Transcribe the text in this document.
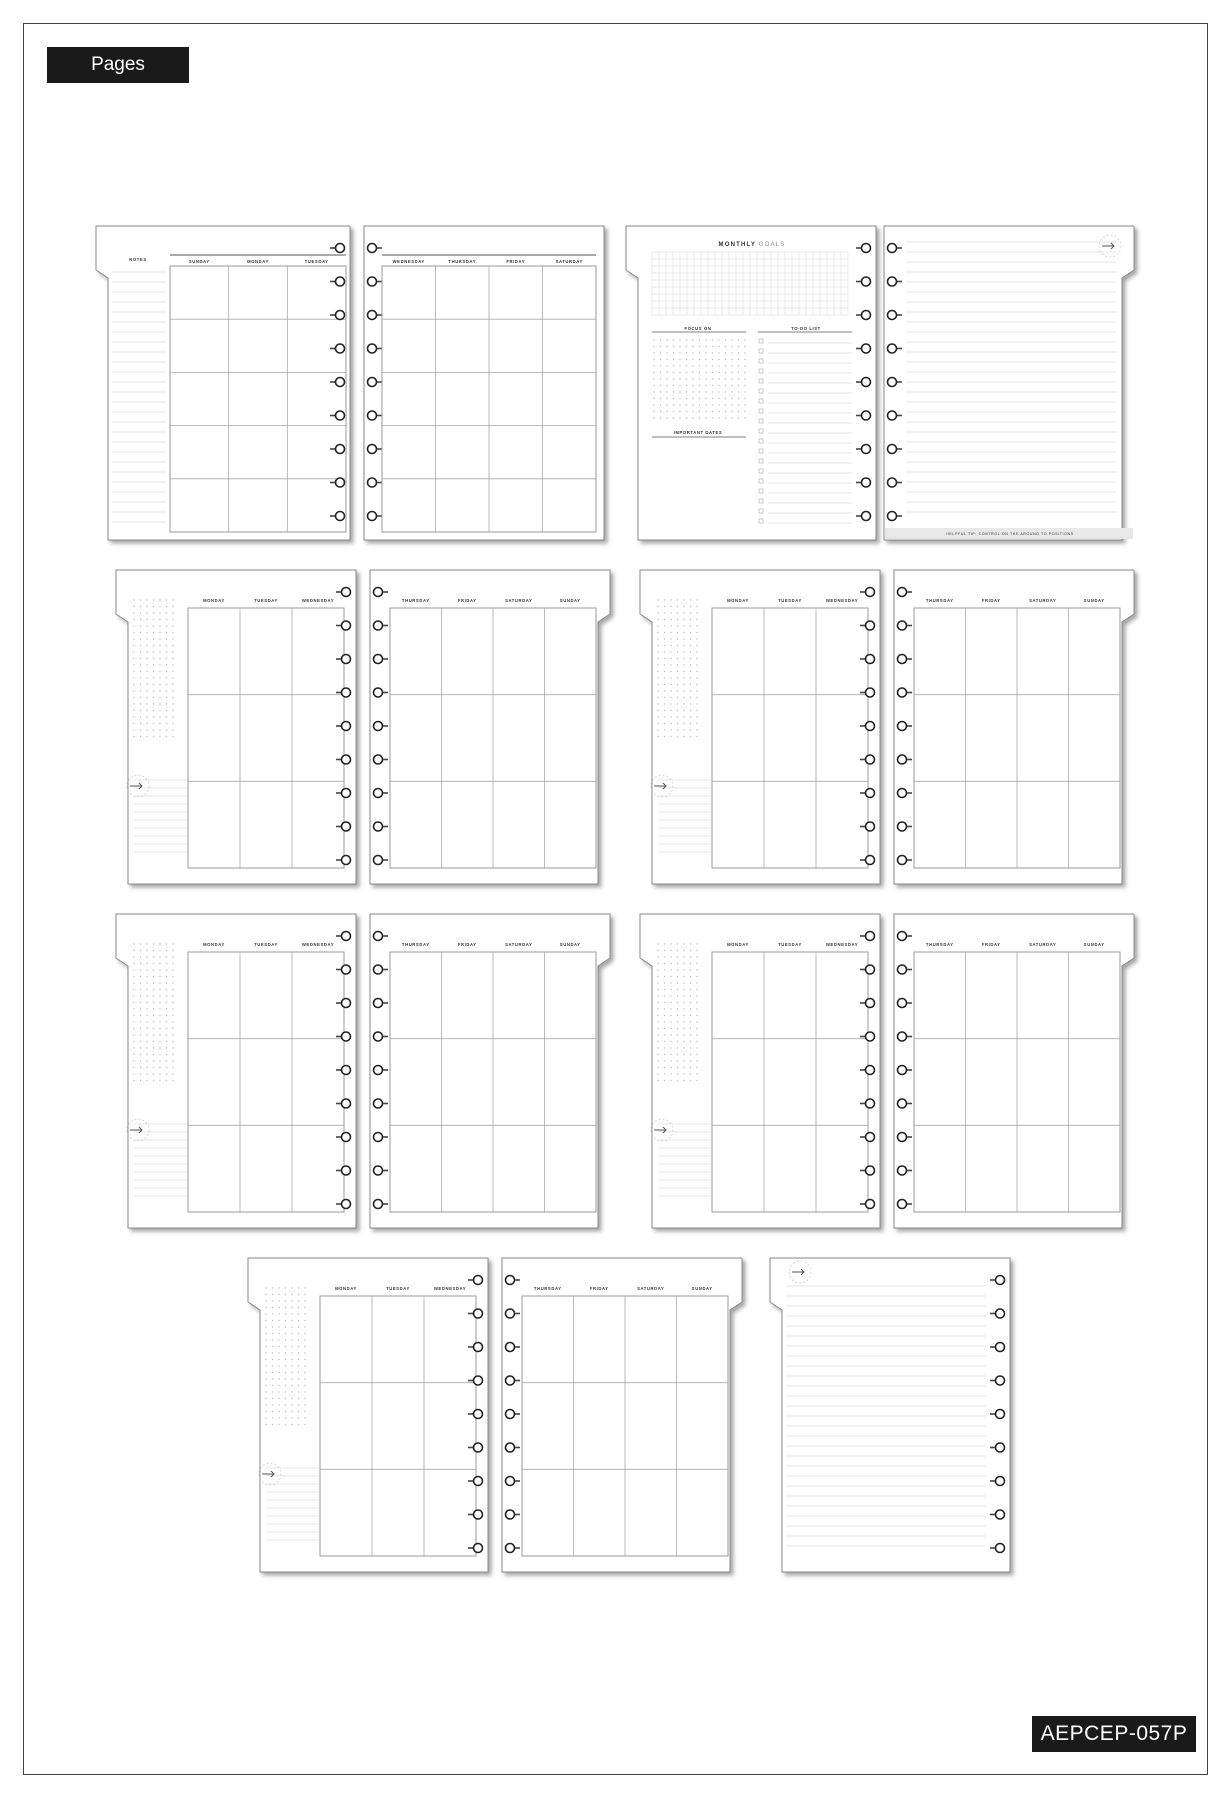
Pages
AEPCEP-057P
NOTES	SUNDAY	MONDAY	TUESDAY	WEDNESDAY	THURSDAY	FRIDAY	SATURDAY
MONTHLY GOALS
FOCUS ON
IMPORTANT DATES
TO-DO LIST
HELPFUL TIP: CONTROL ON THE AROUND TO POSITIONS
MONDAY	TUESDAY	WEDNESDAY	THURSDAY	FRIDAY	SATURDAY	SUNDAY	MONDAY	TUESDAY	WEDNESDAY	THURSDAY	FRIDAY	SATURDAY	SUNDAY
MONDAY	TUESDAY	WEDNESDAY	THURSDAY	FRIDAY	SATURDAY	SUNDAY	MONDAY	TUESDAY	WEDNESDAY	THURSDAY	FRIDAY	SATURDAY	SUNDAY
MONDAY	TUESDAY	WEDNESDAY	THURSDAY	FRIDAY	SATURDAY	SUNDAY
